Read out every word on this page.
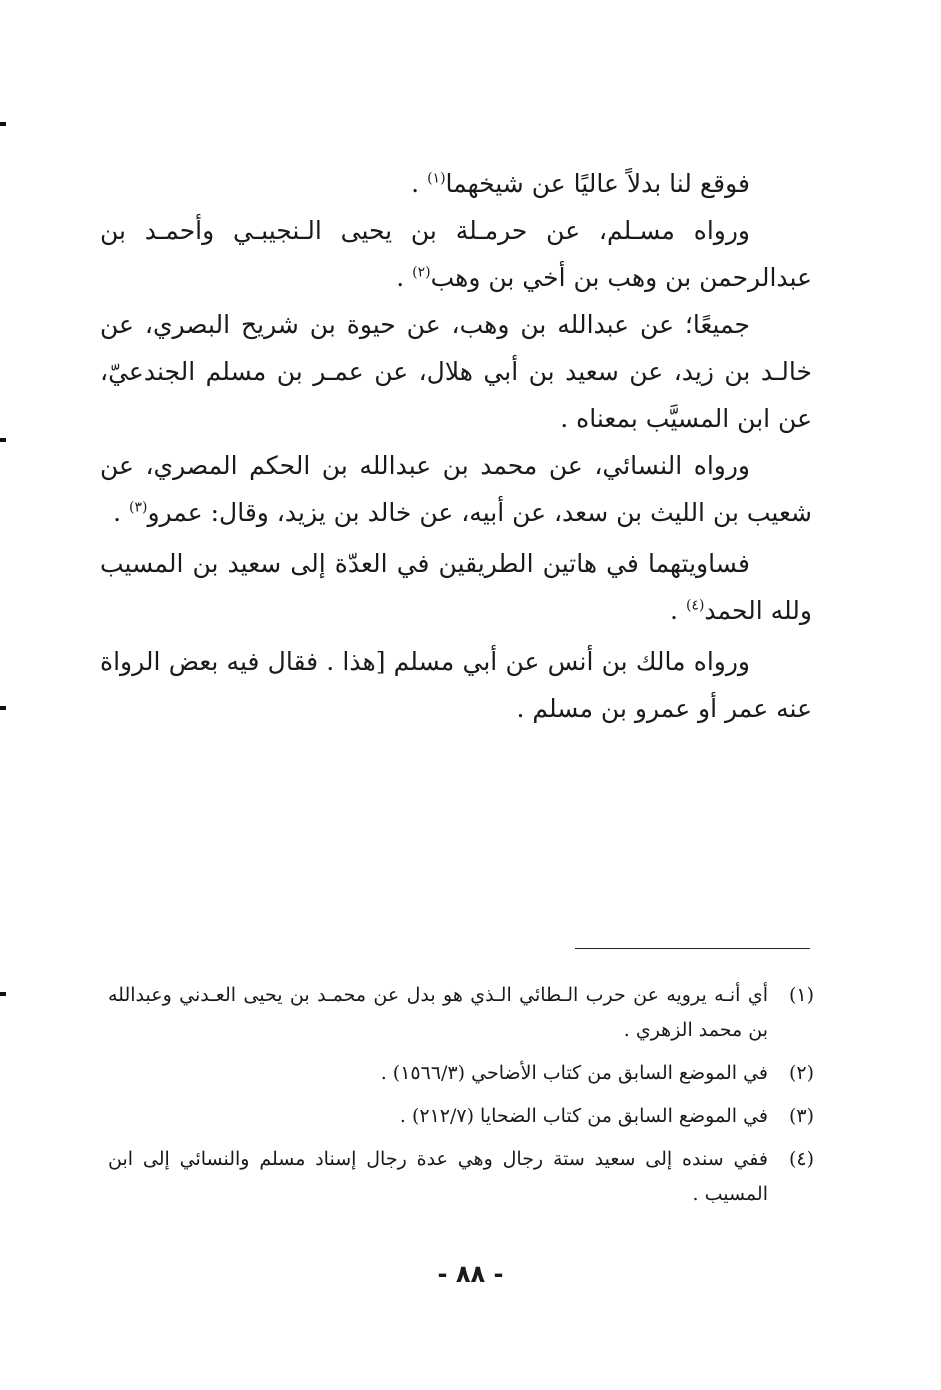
فوقع لنا بدلاً عاليًا عن شيخهما$^{(١)}$ .

ورواه مسـلم، عن حرمـلة بن يحيى الـنجيبـي وأحمـد بن عبدالرحمن بن وهب بن أخي بن وهب$^{(٢)}$ .

جميعًا؛ عن عبدالله بن وهب، عن حيوة بن شريح البصري، عن خالـد بن زيد، عن سعيد بن أبي هلال، عن عمـر بن مسلم الجندعيّ، عن ابن المسيَّب بمعناه .

ورواه النسائي، عن محمد بن عبدالله بن الحكم المصري، عن شعيب بن الليث بن سعد، عن أبيه، عن خالد بن يزيد، وقال: عمرو$^{(٣)}$ .

فساويتهما في هاتين الطريقين في العدّة إلى سعيد بن المسيب ولله الحمد$^{(٤)}$ .

ورواه مالك بن أنس عن أبي مسلم [هذا . فقال فيه بعض الرواة عنه عمر أو عمرو بن مسلم .

(١)
أي أنـه يرويه عن حرب الـطائي الـذي هو بدل عن محمـد بن يحيى العـدني وعبدالله بن محمد الزهري .
(٢)
في الموضع السابق من كتاب الأضاحي (١٥٦٦/٣) .
(٣)
في الموضع السابق من كتاب الضحايا (٢١٢/٧) .
(٤)
ففي سنده إلى سعيد ستة رجال وهي عدة رجال إسناد مسلم والنسائي إلى ابن المسيب .
- ٨٨ -
